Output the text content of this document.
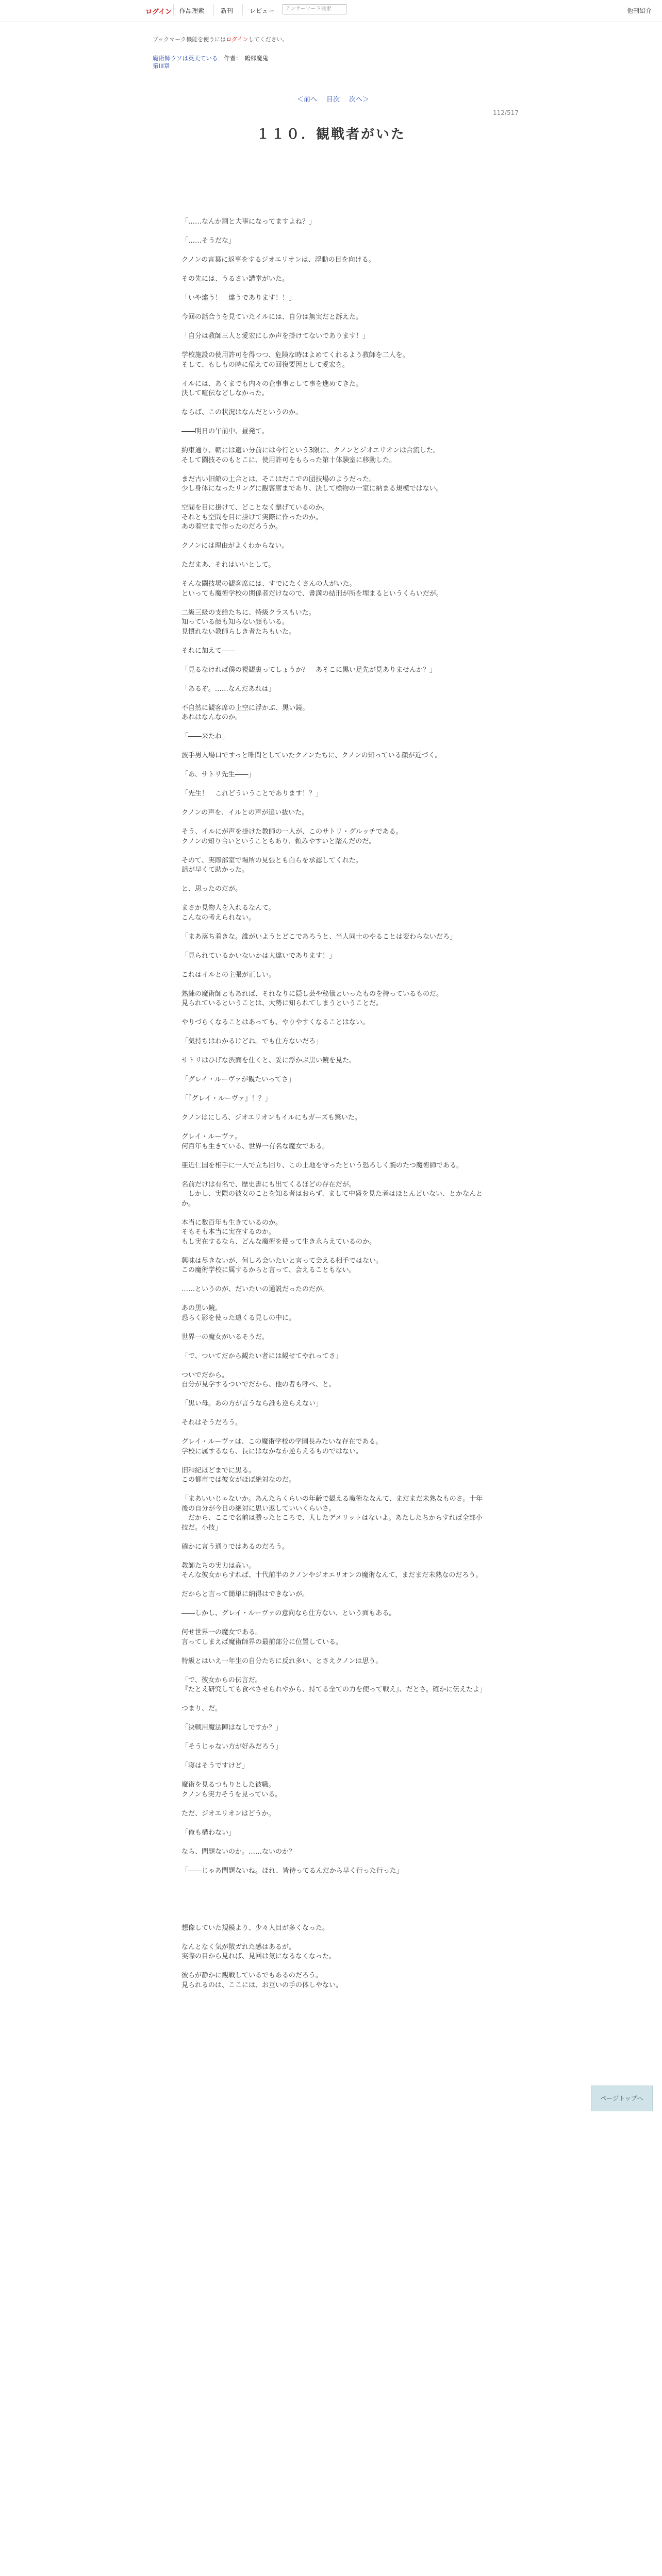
ログイン 作品理索	新刊	レビュー	アンサーワード検索	他刊紹介
ブックマーク機能を使うにはログインしてください。
魔術師ウソは英天ている　 作者：　鶴郷魔鬼
第III章
＜前へ 目次 次へ＞
112/517
１１０．観戦者がいた

「……なんか割と大事になってますよね？」

「……そうだな」

クノンの言葉に返事をするジオエリオンは、浮動の目を向ける。

その先には、うるさい講堂がいた。

「いや違う！　違うであります！！」

今回の話合うを見ていたイルには、自分は無実だと訴えた。

「自分は教師三人と愛宏にしか声を掛けてないであります！」

学校施設の使用許可を得つつ、危険な時はよめてくれるよう教師を二人を。
そして、もしもの時に備えての回復要因として愛宏を。

イルには、あくまでも内々の企事事として事を進めてきた。
決して喧伝などしなかった。

ならば、この状況はなんだというのか。

――明日の午前中、昼発て。

約束通り、朝には適い分前には今行という3限に、クノンとジオエリオンは合流した。
そして闘技そのもとこに、使用許可をもらった第十体験室に移動した。

まだ古い旧館の土合とは、そこはだこでの団技場のようだった。
少し身体になったリングに観客席まであり、決して標物の一室に納まる規模ではない。

空間を目に掛けて、どことなく撃げているのか。
それとも空間を目に掛けて実際に作ったのか。
あの着空まで作ったのだろうか。

クノンには理由がよくわからない。

ただまあ、それはいいとして。

そんな闘技場の観客席には、すでにたくさんの人がいた。
といっても魔術学校の関係者だけなので、書満の結刑が所を埋まるというくらいだが。

二級三級の支給たちに、特級クラスもいた。
知っている顔も知らない顔もいる。
見慣れない教師らしき者たちもいた。

それに加えて――

「見るなければ僕の視観裏ってしょうか？　あそこに黒い足先が見ありませんか？」

「あるぞ。……なんだあれは」

不自然に観客席の上空に浮かぶ、黒い鏡。
あれはなんなのか。

「――来たね」

波手男入場口ですっと唯問としていたクノンたちに、クノンの知っている顔が近づく。

「あ、サトリ先生――」

「先生！　これどういうことであります！？」

クノンの声を、イルとの声が追い抜いた。

そう、イルにが声を掛けた教師の一人が、このサトリ・グルッチである。
クノンの知り合いということもあり、頼みやすいと踏んだのだ。

そのて、実際部室で場所の見張とも白らを承認してくれた。
話が早くて助かった。

と、思ったのだが。

まさか見物人を入れるなんて。
こんなの考えられない。

「まあ落ち着きな。誰がいようとどこであろうと、当人同士のやることは変わらないだろ」

「見られているかいないかは大違いであります！」

これはイルとの主張が正しい。

熟練の魔術師ともあれば、それなりに隠し芸や秘儀といったものを持っているものだ。
見られているということは、大勢に知られてしまうということだ。

やりづらくなることはあっても、やりやすくなることはない。

「気持ちはわかるけどね。でも仕方ないだろ」

サトリはひげな渋面を仕くと、妥に浮かぶ黒い鏡を見た。

「グレイ・ルーヴァが観たいってさ」

「『グレイ・ルーヴァ』！？」

クノンはにしろ、ジオエリオンもイルにもガーズも驚いた。

グレイ・ルーヴァ。
何百年も生きている、世界一有名な魔女である。

亜近仁国を相手に一人で立ち回り、この土地を守ったという恐ろしく腕のたつ魔術師である。

名前だけは有名で、歴史書にも出てくるほどの存在だが。
　しかし、実際の彼女のことを知る者はおらず、まして中盛を見た者はほとんどいない、とかなんとか。

本当に数百年も生きているのか。
そもそも本当に実在するのか。
もし実在するなら、どんな魔術を使って生き永らえているのか。

興味は尽きないが、何しろ会いたいと言って会える相手ではない。
この魔術学校に属するからと言って、会えることもない。

……というのが、だいたいの通説だったのだが。

あの黒い鏡。
恐らく影を使った遠くる見しの中に。

世界一の魔女がいるそうだ。

「で、ついてだから観たい者には観せてやれってさ」

ついでだから。
自分が見学するついでだから、他の者も呼べ、と。

「黒い母。あの方が言うなら誰も逆らえない」

それはそうだろう。

グレイ・ルーヴァは、この魔術学校の学園長みたいな存在である。
学校に属するなら、長にはなかなか逆らえるものではない。

旧和紀ほどまでに黒る。
この都市では彼女がほぼ絶対なのだ。

「まあいいじゃないか。あんたらくらいの年齢で観える魔術ななんて、まだまだ未熟なものさ。十年後の自分が今日の絶対に思い返していいくらいさ。
　だから、ここで名前は勝ったところで、大したデメリットはないよ。あたしたちからすれば全部小技だ。小技」

確かに言う通りではあるのだろう。

教師たちの実力は高い。
そんな彼女からすれば、十代前半のクノンやジオエリオンの魔術なんて、まだまだ未熟なのだろう。

だからと言って簡単に納得はできないが。

――しかし、グレイ・ルーヴァの意向なら仕方ない、という面もある。

何せ世界一の魔女である。
言ってしまえば魔術師界の最前部分に位置している。

特級とはいえ一年生の自分たちに反れ多い、とさえクノンは思う。

「で、彼女からの伝言だ。
『たとえ研究しても食べさせられやから、持てる全ての力を使って戦え』、だとさ。確かに伝えたよ」

つまり、だ。

「決戦用魔法陣はなしですか？」

「そうじゃない方が好みだろう」

「寝はそうですけど」

魔術を見るつもりとした彼職。
クノンも実力そうを見っている。

ただ、ジオエリオンはどうか。

「俺も構わない」

なら、問題ないのか。……ないのか？

「――じゃあ問題ないね。ほれ、皆待ってるんだから早く行った行った」

想像していた規模より、少々人目が多くなった。

なんとなく気が散ガれた感はあるが。
実際の目から見れば、見回は気になるなくなった。

彼らが静かに観戦しているでもあるのだろう。
見られるのは、ここには、お互いの手の体しやない。

ページトップへ
